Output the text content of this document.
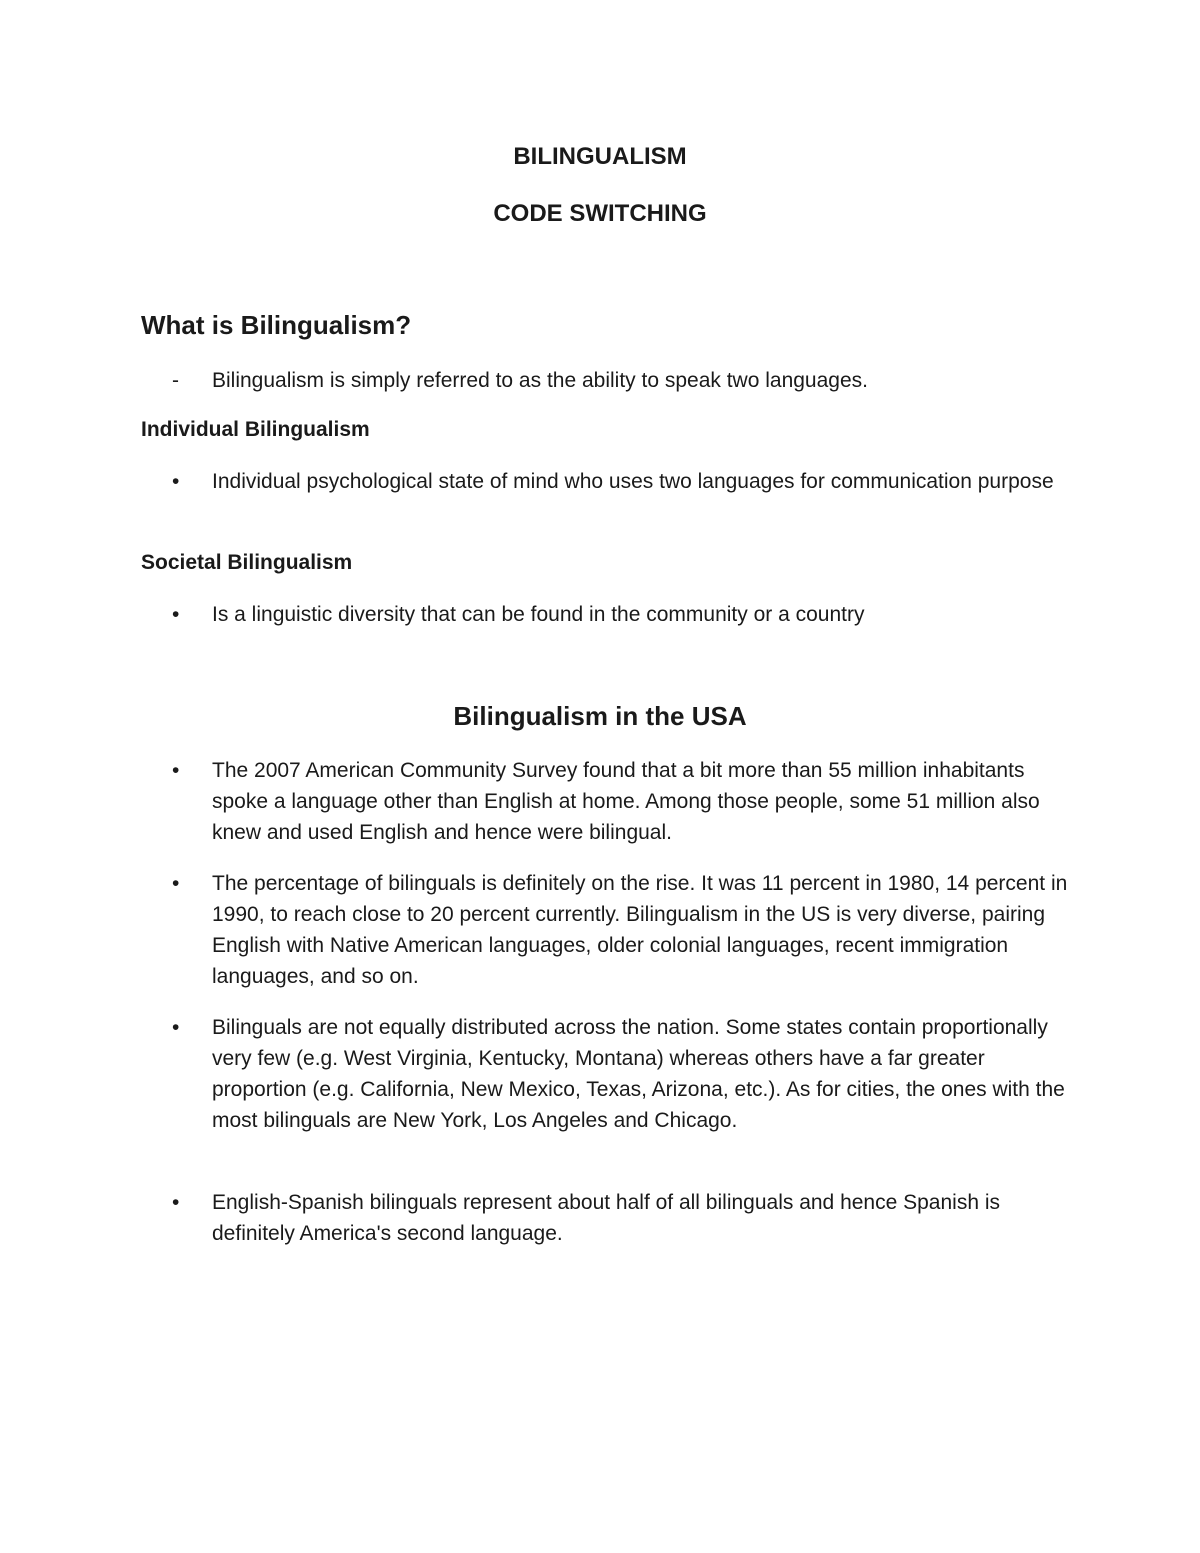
BILINGUALISM
CODE SWITCHING
What is Bilingualism?
-	Bilingualism is simply referred to as the ability to speak two languages.
Individual Bilingualism
•	Individual psychological state of mind who uses two languages for communication purpose
Societal Bilingualism
•	Is a linguistic diversity that can be found in the community or a country
Bilingualism in the USA
•	The 2007 American Community Survey found that a bit more than 55 million inhabitants spoke a language other than English at home. Among those people, some 51 million also knew and used English and hence were bilingual.
•	The percentage of bilinguals is definitely on the rise. It was 11 percent in 1980, 14 percent in 1990, to reach close to 20 percent currently. Bilingualism in the US is very diverse, pairing English with Native American languages, older colonial languages, recent immigration languages, and so on.
•	Bilinguals are not equally distributed across the nation. Some states contain proportionally very few (e.g. West Virginia, Kentucky, Montana) whereas others have a far greater proportion (e.g. California, New Mexico, Texas, Arizona, etc.). As for cities, the ones with the most bilinguals are New York, Los Angeles and Chicago.
•	English-Spanish bilinguals represent about half of all bilinguals and hence Spanish is definitely America's second language.
